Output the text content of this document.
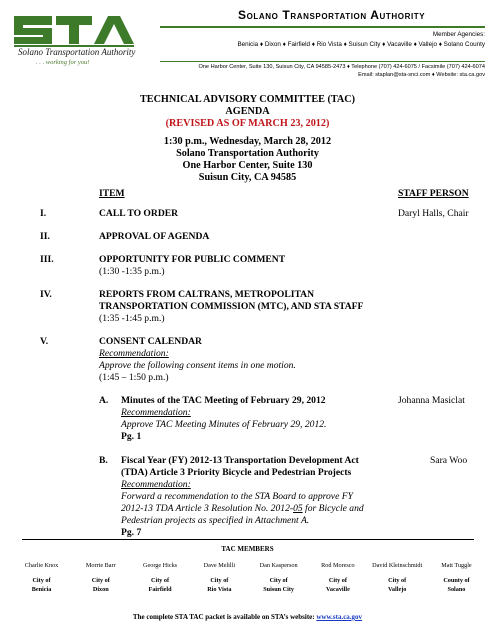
Solano Transportation Authority
. . . working for you!
Solano Transportation Authority
Member Agencies:
Benicia ♦ Dixon ♦ Fairfield ♦ Rio Vista ♦ Suisun City ♦ Vacaville ♦ Vallejo ♦ Solano County
One Harbor Center, Suite 130, Suisun City, CA 94585-2473 ♦ Telephone (707) 424-6075 / Facsimile (707) 424-6074
Email: staplan@sta-snci.com ♦ Website: sta.ca.gov
TECHNICAL ADVISORY COMMITTEE (TAC)
AGENDA
(REVISED AS OF MARCH 23, 2012)
1:30 p.m., Wednesday, March 28, 2012
Solano Transportation Authority
One Harbor Center, Suite 130
Suisun City, CA 94585
ITEM	STAFF PERSON
I.	CALL TO ORDER	Daryl Halls, Chair
II.	APPROVAL OF AGENDA
III.	OPPORTUNITY FOR PUBLIC COMMENT
(1:30 -1:35 p.m.)
IV.	REPORTS FROM CALTRANS, METROPOLITAN
TRANSPORTATION COMMISSION (MTC), AND STA STAFF
(1:35 -1:45 p.m.)
V.	CONSENT CALENDAR
Recommendation:
Approve the following consent items in one motion.
(1:45 – 1:50 p.m.)
A. Minutes of the TAC Meeting of February 29, 2012	Johanna Masiclat
Recommendation:
Approve TAC Meeting Minutes of February 29, 2012.
Pg. 1
B. Fiscal Year (FY) 2012-13 Transportation Development Act	Sara Woo
(TDA) Article 3 Priority Bicycle and Pedestrian Projects
Recommendation:
Forward a recommendation to the STA Board to approve FY
2012-13 TDA Article 3 Resolution No. 2012-05 for Bicycle and
Pedestrian projects as specified in Attachment A.
Pg. 7
TAC MEMBERS
Charlie Knox	Morrie Barr	George Hicks	Dave Melilli	Dan Kasperson	Rod Moresco	David Kleinschmidt	Matt Tuggle
City of	City of	City of	City of	City of	City of	City of	County of
Benicia	Dixon	Fairfield	Rio Vista	Suisun City	Vacaville	Vallejo	Solano
The complete STA TAC packet is available on STA’s website: www.sta.ca.gov
